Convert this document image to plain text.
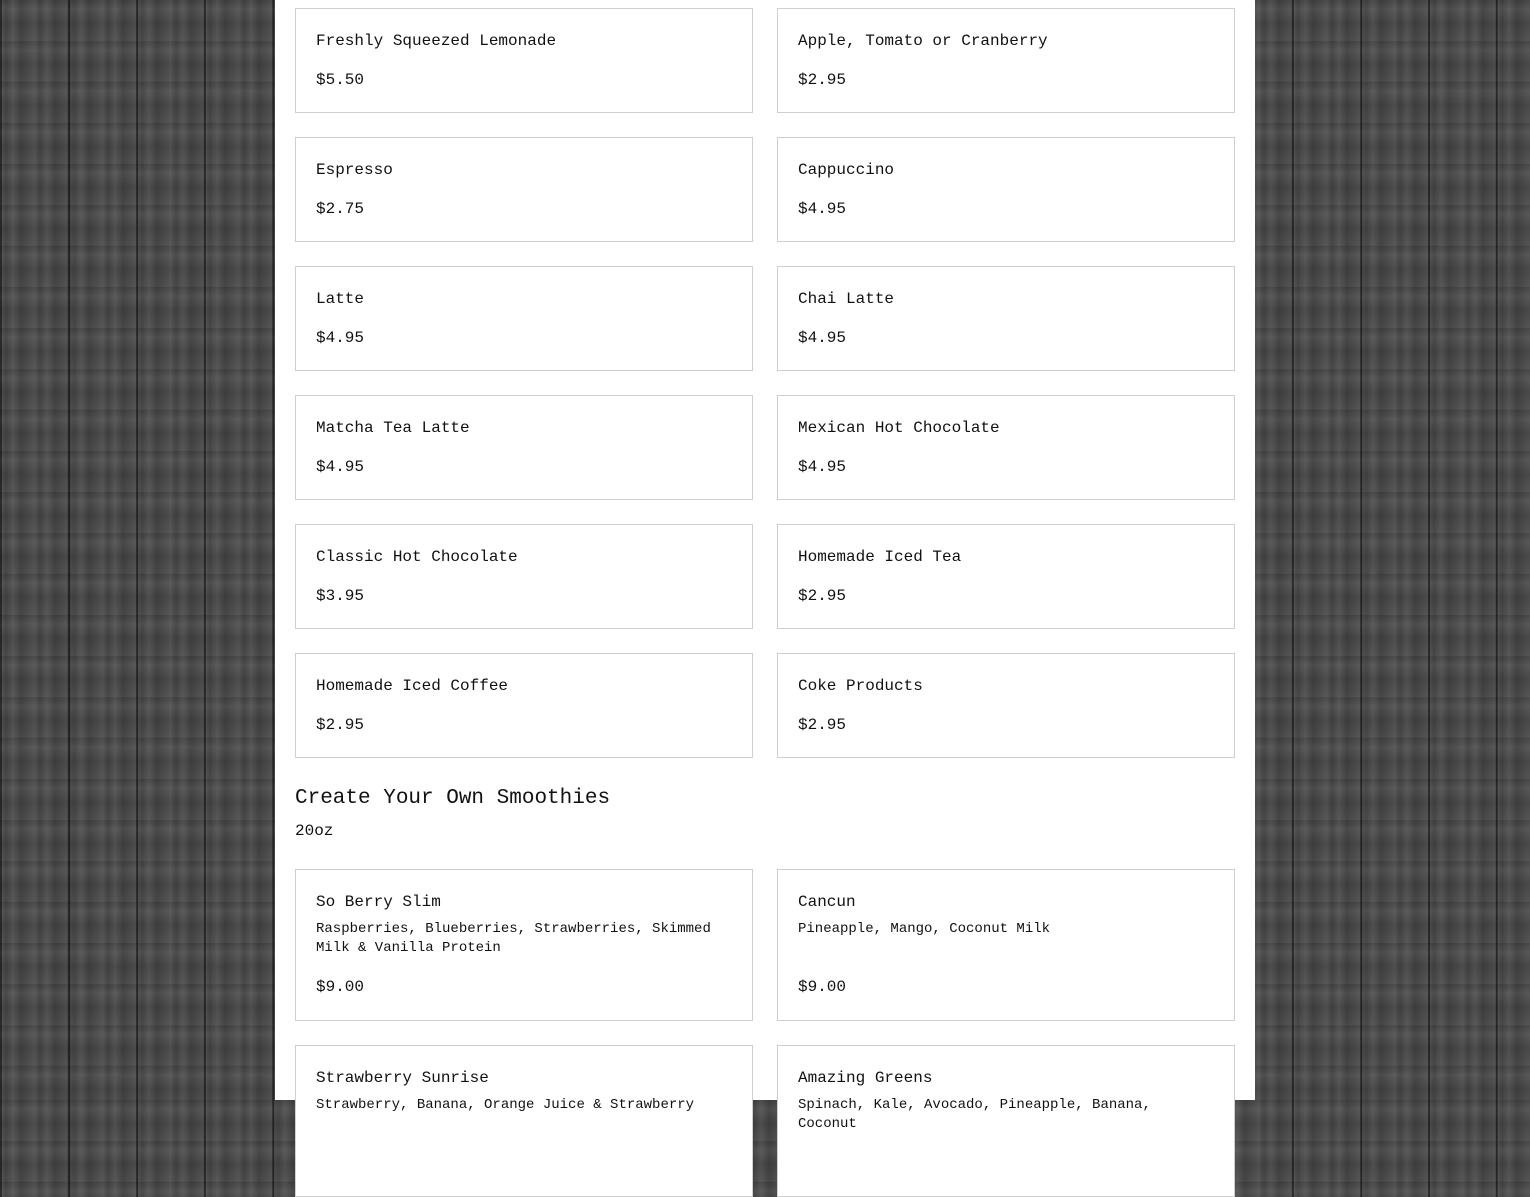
Freshly Squeezed Lemonade

$5.50

Apple, Tomato or Cranberry

$2.95

Espresso

$2.75

Cappuccino

$4.95

Latte

$4.95

Chai Latte

$4.95

Matcha Tea Latte

$4.95

Mexican Hot Chocolate

$4.95

Classic Hot Chocolate

$3.95

Homemade Iced Tea

$2.95

Homemade Iced Coffee

$2.95

Coke Products

$2.95

Create Your Own Smoothies

20oz

So Berry Slim

Raspberries, Blueberries, Strawberries, Skimmed Milk & Vanilla Protein

$9.00

Cancun

Pineapple, Mango, Coconut Milk

$9.00

Strawberry Sunrise

Strawberry, Banana, Orange Juice & Strawberry

Amazing Greens

Spinach, Kale, Avocado, Pineapple, Banana, Coconut
